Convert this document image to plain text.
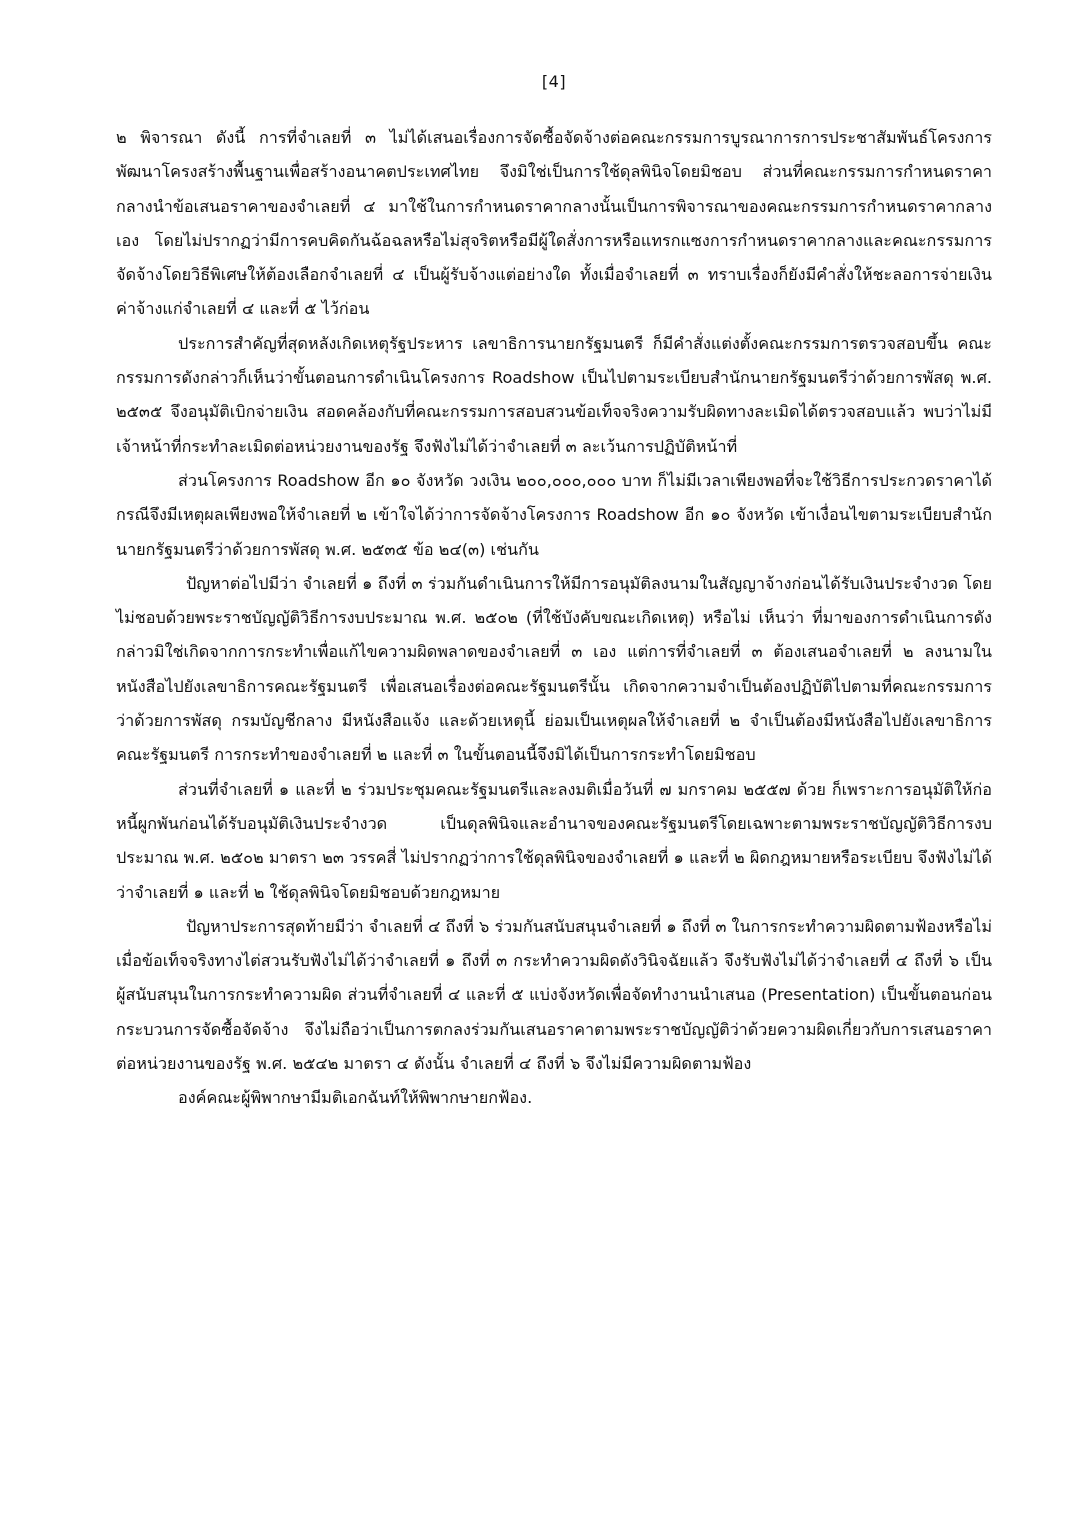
[4]

๒ พิจารณา ดังนี้ การที่จำเลยที่ ๓ ไม่ได้เสนอเรื่องการจัดซื้อจัดจ้างต่อคณะกรรมการบูรณาการการประชาสัมพันธ์โครงการพัฒนาโครงสร้างพื้นฐานเพื่อสร้างอนาคตประเทศไทย จึงมิใช่เป็นการใช้ดุลพินิจโดยมิชอบ ส่วนที่คณะกรรมการกำหนดราคากลางนำข้อเสนอราคาของจำเลยที่ ๔ มาใช้ในการกำหนดราคากลางนั้นเป็นการพิจารณาของคณะกรรมการกำหนดราคากลางเอง โดยไม่ปรากฏว่ามีการคบคิดกันฉ้อฉลหรือไม่สุจริตหรือมีผู้ใดสั่งการหรือแทรกแซงการกำหนดราคากลางและคณะกรรมการจัดจ้างโดยวิธีพิเศษให้ต้องเลือกจำเลยที่ ๔ เป็นผู้รับจ้างแต่อย่างใด ทั้งเมื่อจำเลยที่ ๓ ทราบเรื่องก็ยังมีคำสั่งให้ชะลอการจ่ายเงินค่าจ้างแก่จำเลยที่ ๔ และที่ ๕ ไว้ก่อน

ประการสำคัญที่สุดหลังเกิดเหตุรัฐประหาร เลขาธิการนายกรัฐมนตรี ก็มีคำสั่งแต่งตั้งคณะกรรมการตรวจสอบขึ้น คณะกรรมการดังกล่าวก็เห็นว่าขั้นตอนการดำเนินโครงการ Roadshow เป็นไปตามระเบียบสำนักนายกรัฐมนตรีว่าด้วยการพัสดุ พ.ศ. ๒๕๓๕ จึงอนุมัติเบิกจ่ายเงิน สอดคล้องกับที่คณะกรรมการสอบสวนข้อเท็จจริงความรับผิดทางละเมิดได้ตรวจสอบแล้ว พบว่าไม่มีเจ้าหน้าที่กระทำละเมิดต่อหน่วยงานของรัฐ จึงฟังไม่ได้ว่าจำเลยที่ ๓ ละเว้นการปฏิบัติหน้าที่

ส่วนโครงการ Roadshow อีก ๑๐ จังหวัด วงเงิน ๒๐๐,๐๐๐,๐๐๐ บาท ก็ไม่มีเวลาเพียงพอที่จะใช้วิธีการประกวดราคาได้ กรณีจึงมีเหตุผลเพียงพอให้จำเลยที่ ๒ เข้าใจได้ว่าการจัดจ้างโครงการ Roadshow อีก ๑๐ จังหวัด เข้าเงื่อนไขตามระเบียบสำนักนายกรัฐมนตรีว่าด้วยการพัสดุ พ.ศ. ๒๕๓๕ ข้อ ๒๔(๓) เช่นกัน

ปัญหาต่อไปมีว่า จำเลยที่ ๑ ถึงที่ ๓ ร่วมกันดำเนินการให้มีการอนุมัติลงนามในสัญญาจ้างก่อนได้รับเงินประจำงวด โดยไม่ชอบด้วยพระราชบัญญัติวิธีการงบประมาณ พ.ศ. ๒๕๐๒ (ที่ใช้บังคับขณะเกิดเหตุ) หรือไม่ เห็นว่า ที่มาของการดำเนินการดังกล่าวมิใช่เกิดจากการกระทำเพื่อแก้ไขความผิดพลาดของจำเลยที่ ๓ เอง แต่การที่จำเลยที่ ๓ ต้องเสนอจำเลยที่ ๒ ลงนามในหนังสือไปยังเลขาธิการคณะรัฐมนตรี เพื่อเสนอเรื่องต่อคณะรัฐมนตรีนั้น เกิดจากความจำเป็นต้องปฏิบัติไปตามที่คณะกรรมการว่าด้วยการพัสดุ กรมบัญชีกลาง มีหนังสือแจ้ง และด้วยเหตุนี้ ย่อมเป็นเหตุผลให้จำเลยที่ ๒ จำเป็นต้องมีหนังสือไปยังเลขาธิการคณะรัฐมนตรี การกระทำของจำเลยที่ ๒ และที่ ๓ ในขั้นตอนนี้จึงมิได้เป็นการกระทำโดยมิชอบ

ส่วนที่จำเลยที่ ๑ และที่ ๒ ร่วมประชุมคณะรัฐมนตรีและลงมติเมื่อวันที่ ๗ มกราคม ๒๕๕๗ ด้วย ก็เพราะการอนุมัติให้ก่อหนี้ผูกพันก่อนได้รับอนุมัติเงินประจำงวด เป็นดุลพินิจและอำนาจของคณะรัฐมนตรีโดยเฉพาะตามพระราชบัญญัติวิธีการงบประมาณ พ.ศ. ๒๕๐๒ มาตรา ๒๓ วรรคสี่ ไม่ปรากฏว่าการใช้ดุลพินิจของจำเลยที่ ๑ และที่ ๒ ผิดกฎหมายหรือระเบียบ จึงฟังไม่ได้ว่าจำเลยที่ ๑ และที่ ๒ ใช้ดุลพินิจโดยมิชอบด้วยกฎหมาย

ปัญหาประการสุดท้ายมีว่า จำเลยที่ ๔ ถึงที่ ๖ ร่วมกันสนับสนุนจำเลยที่ ๑ ถึงที่ ๓ ในการกระทำความผิดตามฟ้องหรือไม่ เมื่อข้อเท็จจริงทางไต่สวนรับฟังไม่ได้ว่าจำเลยที่ ๑ ถึงที่ ๓ กระทำความผิดดังวินิจฉัยแล้ว จึงรับฟังไม่ได้ว่าจำเลยที่ ๔ ถึงที่ ๖ เป็นผู้สนับสนุนในการกระทำความผิด ส่วนที่จำเลยที่ ๔ และที่ ๕ แบ่งจังหวัดเพื่อจัดทำงานนำเสนอ (Presentation) เป็นขั้นตอนก่อนกระบวนการจัดซื้อจัดจ้าง จึงไม่ถือว่าเป็นการตกลงร่วมกันเสนอราคาตามพระราชบัญญัติว่าด้วยความผิดเกี่ยวกับการเสนอราคาต่อหน่วยงานของรัฐ พ.ศ. ๒๕๔๒ มาตรา ๔ ดังนั้น จำเลยที่ ๔ ถึงที่ ๖ จึงไม่มีความผิดตามฟ้อง

องค์คณะผู้พิพากษามีมติเอกฉันท์ให้พิพากษายกฟ้อง.
